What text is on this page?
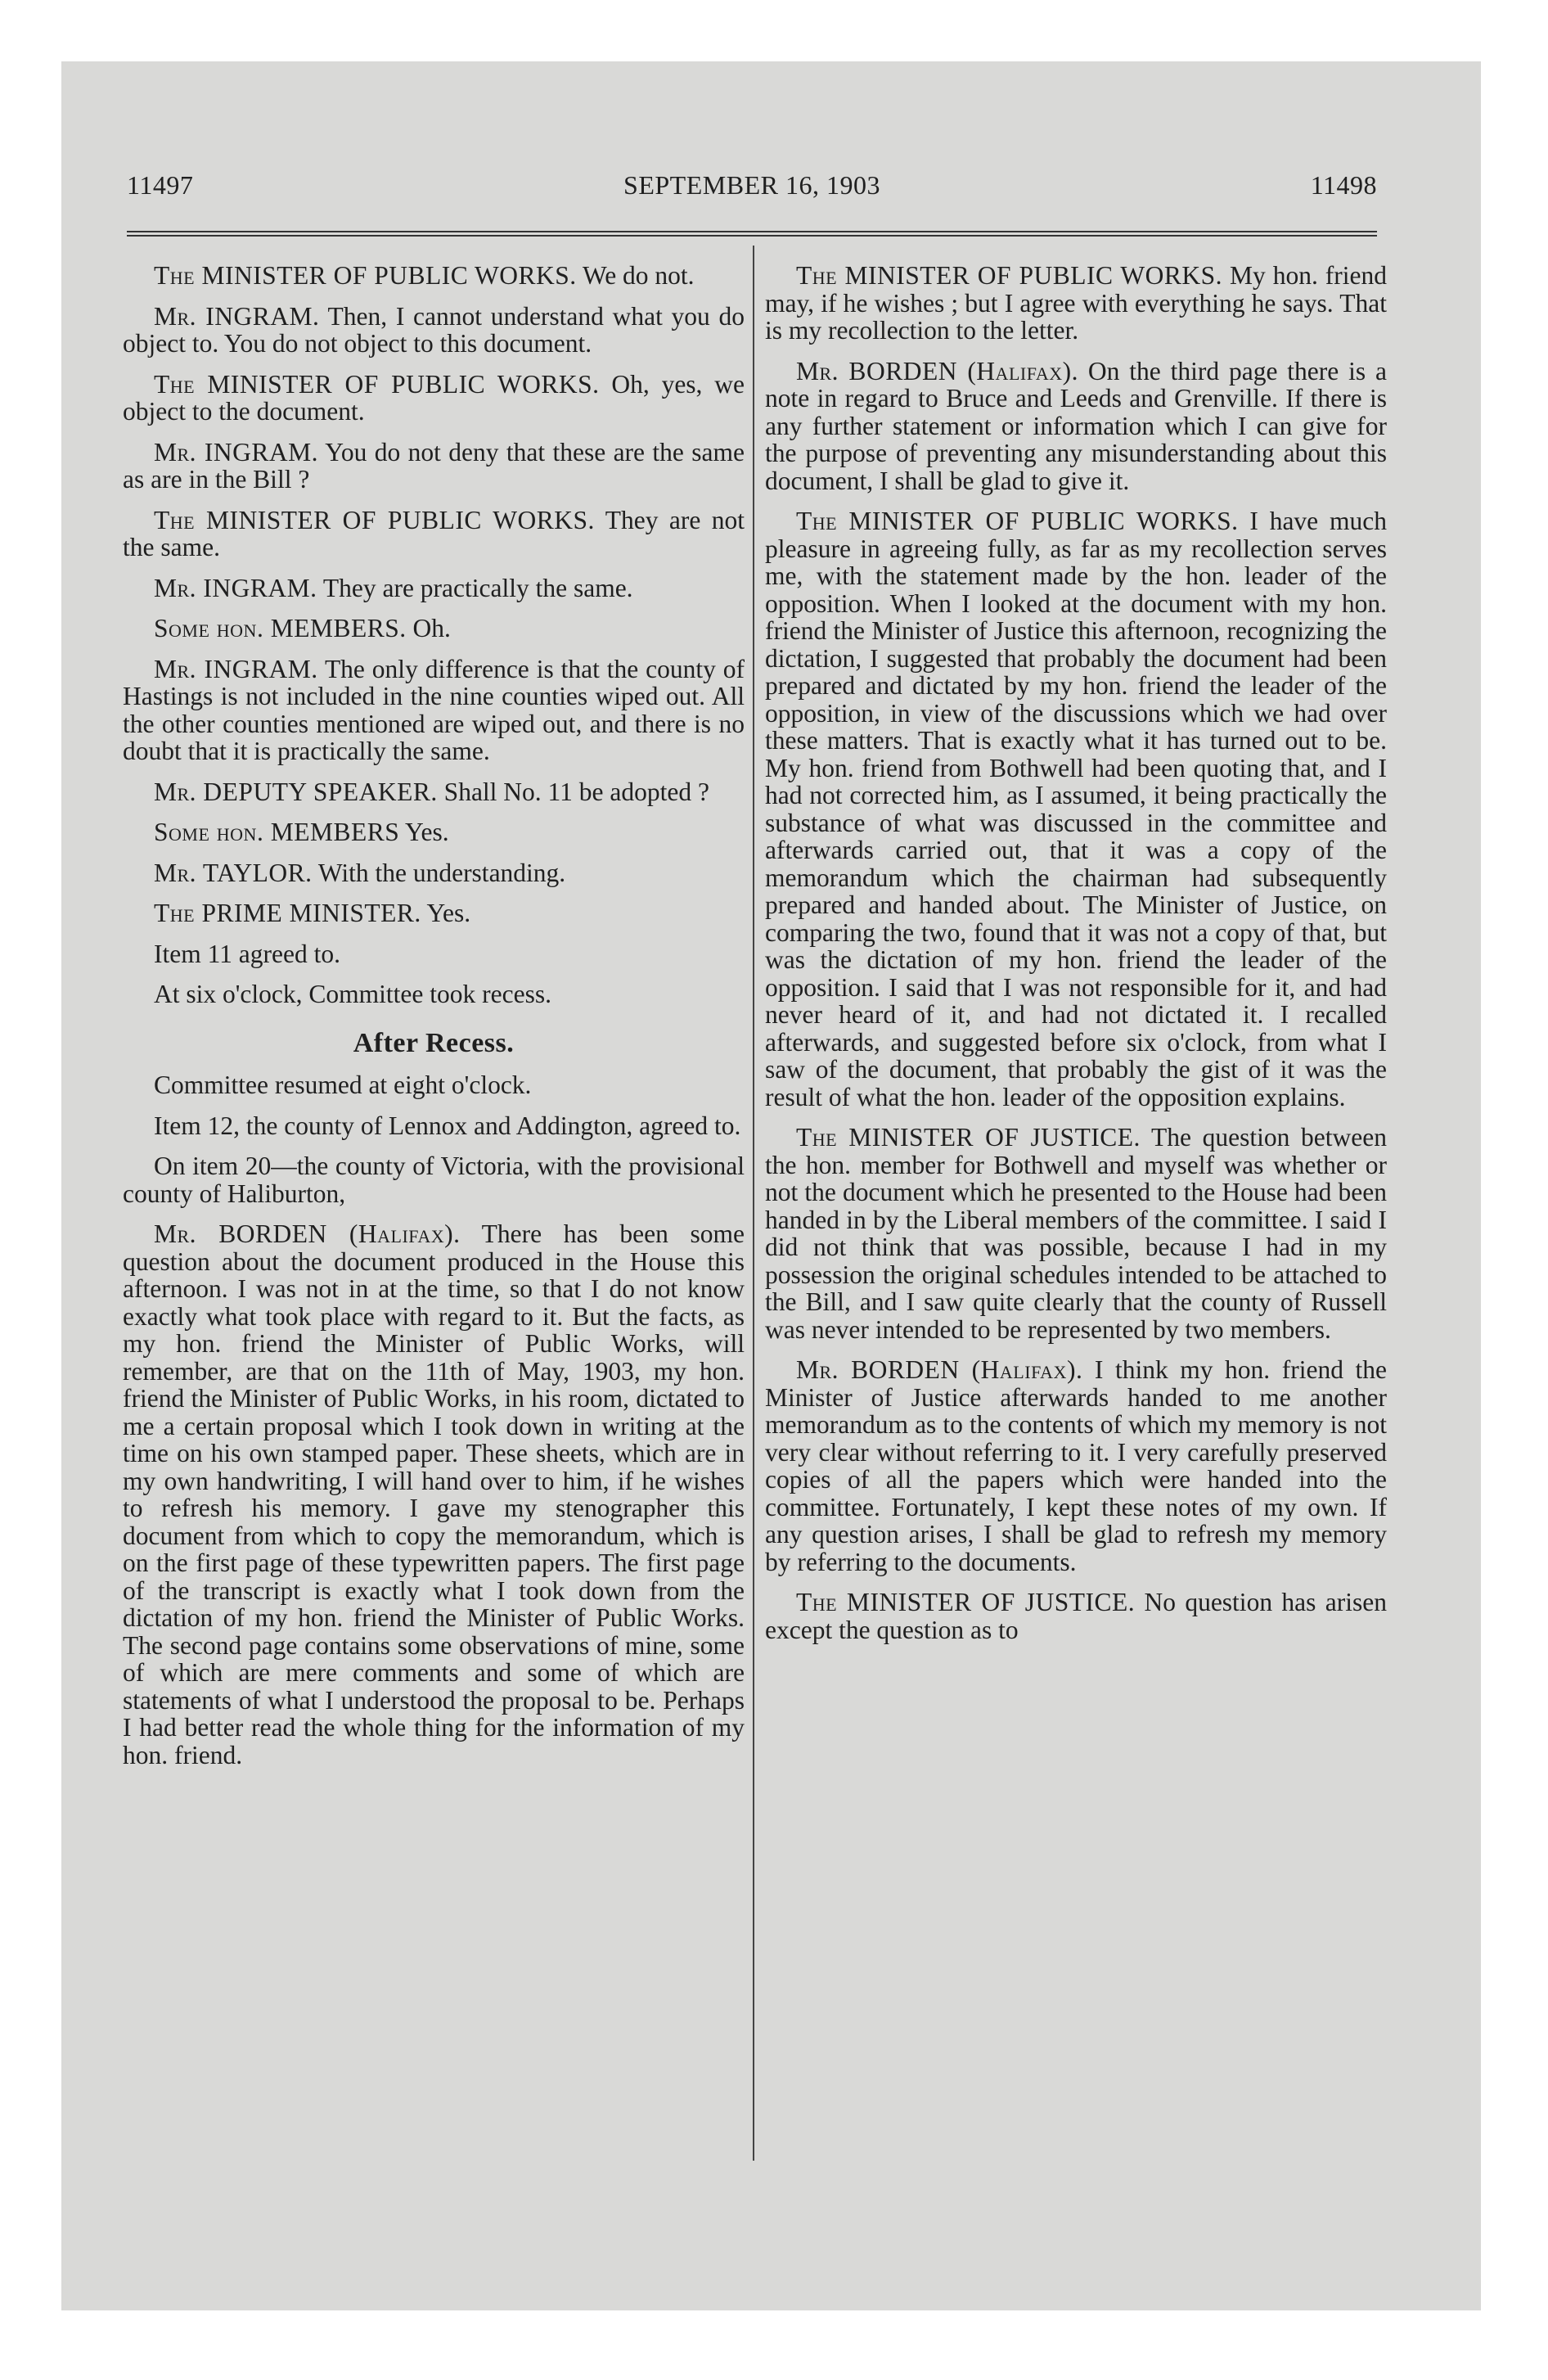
11497	SEPTEMBER 16, 1903	11498

The MINISTER OF PUBLIC WORKS. We do not.

Mr. INGRAM. Then, I cannot understand what you do object to. You do not object to this document.

The MINISTER OF PUBLIC WORKS. Oh, yes, we object to the document.

Mr. INGRAM. You do not deny that these are the same as are in the Bill ?

The MINISTER OF PUBLIC WORKS. They are not the same.

Mr. INGRAM. They are practically the same.

Some hon. MEMBERS. Oh.

Mr. INGRAM. The only difference is that the county of Hastings is not included in the nine counties wiped out. All the other counties mentioned are wiped out, and there is no doubt that it is practically the same.

Mr. DEPUTY SPEAKER. Shall No. 11 be adopted ?

Some hon. MEMBERS Yes.

Mr. TAYLOR. With the understanding.

The PRIME MINISTER. Yes.

Item 11 agreed to.

At six o'clock, Committee took recess.

After Recess.

Committee resumed at eight o'clock.

Item 12, the county of Lennox and Addington, agreed to.

On item 20—the county of Victoria, with the provisional county of Haliburton,

Mr. BORDEN (Halifax). There has been some question about the document produced in the House this afternoon. I was not in at the time, so that I do not know exactly what took place with regard to it. But the facts, as my hon. friend the Minister of Public Works, will remember, are that on the 11th of May, 1903, my hon. friend the Minister of Public Works, in his room, dictated to me a certain proposal which I took down in writing at the time on his own stamped paper. These sheets, which are in my own handwriting, I will hand over to him, if he wishes to refresh his memory. I gave my stenographer this document from which to copy the memorandum, which is on the first page of these typewritten papers. The first page of the transcript is exactly what I took down from the dictation of my hon. friend the Minister of Public Works. The second page contains some observations of mine, some of which are mere comments and some of which are statements of what I understood the proposal to be. Perhaps I had better read the whole thing for the information of my hon. friend.

The MINISTER OF PUBLIC WORKS. My hon. friend may, if he wishes ; but I agree with everything he says. That is my recollection to the letter.

Mr. BORDEN (Halifax). On the third page there is a note in regard to Bruce and Leeds and Grenville. If there is any further statement or information which I can give for the purpose of preventing any misunderstanding about this document, I shall be glad to give it.

The MINISTER OF PUBLIC WORKS. I have much pleasure in agreeing fully, as far as my recollection serves me, with the statement made by the hon. leader of the opposition. When I looked at the document with my hon. friend the Minister of Justice this afternoon, recognizing the dictation, I suggested that probably the document had been prepared and dictated by my hon. friend the leader of the opposition, in view of the discussions which we had over these matters. That is exactly what it has turned out to be. My hon. friend from Bothwell had been quoting that, and I had not corrected him, as I assumed, it being practically the substance of what was discussed in the committee and afterwards carried out, that it was a copy of the memorandum which the chairman had subsequently prepared and handed about. The Minister of Justice, on comparing the two, found that it was not a copy of that, but was the dictation of my hon. friend the leader of the opposition. I said that I was not responsible for it, and had never heard of it, and had not dictated it. I recalled afterwards, and suggested before six o'clock, from what I saw of the document, that probably the gist of it was the result of what the hon. leader of the opposition explains.

The MINISTER OF JUSTICE. The question between the hon. member for Bothwell and myself was whether or not the document which he presented to the House had been handed in by the Liberal members of the committee. I said I did not think that was possible, because I had in my possession the original schedules intended to be attached to the Bill, and I saw quite clearly that the county of Russell was never intended to be represented by two members.

Mr. BORDEN (Halifax). I think my hon. friend the Minister of Justice afterwards handed to me another memorandum as to the contents of which my memory is not very clear without referring to it. I very carefully preserved copies of all the papers which were handed into the committee. Fortunately, I kept these notes of my own. If any question arises, I shall be glad to refresh my memory by referring to the documents.

The MINISTER OF JUSTICE. No question has arisen except the question as to
